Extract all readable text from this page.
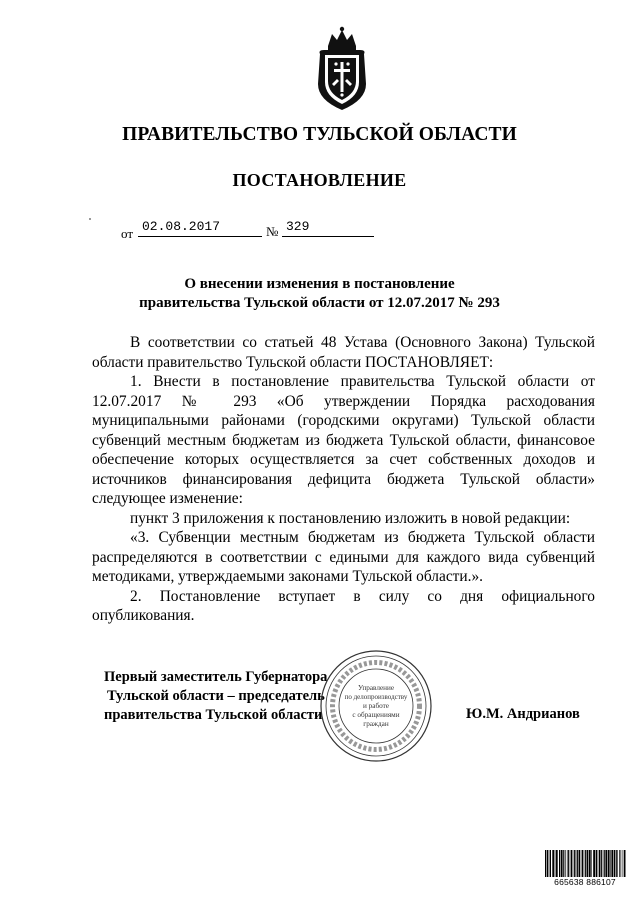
ПРАВИТЕЛЬСТВО ТУЛЬСКОЙ ОБЛАСТИ
ПОСТАНОВЛЕНИЕ
от 02.08.2017	№ 329
О внесении изменения в постановление
правительства Тульской области от 12.07.2017 № 293

В соответствии со статьей 48 Устава (Основного Закона) Тульской области правительство Тульской области ПОСТАНОВЛЯЕТ:

1. Внести в постановление правительства Тульской области от 12.07.2017 № 293 «Об утверждении Порядка расходования муниципальными районами (городскими округами) Тульской области субвенций местным бюджетам из бюджета Тульской области, финансовое обеспечение которых осуществляется за счет собственных доходов и источников финансирования дефицита бюджета Тульской области» следующее изменение:

пункт 3 приложения к постановлению изложить в новой редакции:

«3. Субвенции местным бюджетам из бюджета Тульской области распределяются в соответствии с едиными для каждого вида субвенций методиками, утверждаемыми законами Тульской области.».

2. Постановление вступает в силу со дня официального опубликования.

Первый заместитель Губернатора
Тульской области – председатель
правительства Тульской области	Ю.М. Андрианов
Управление
по делопроизводству
и работе
с обращениями
граждан
665638 886107
